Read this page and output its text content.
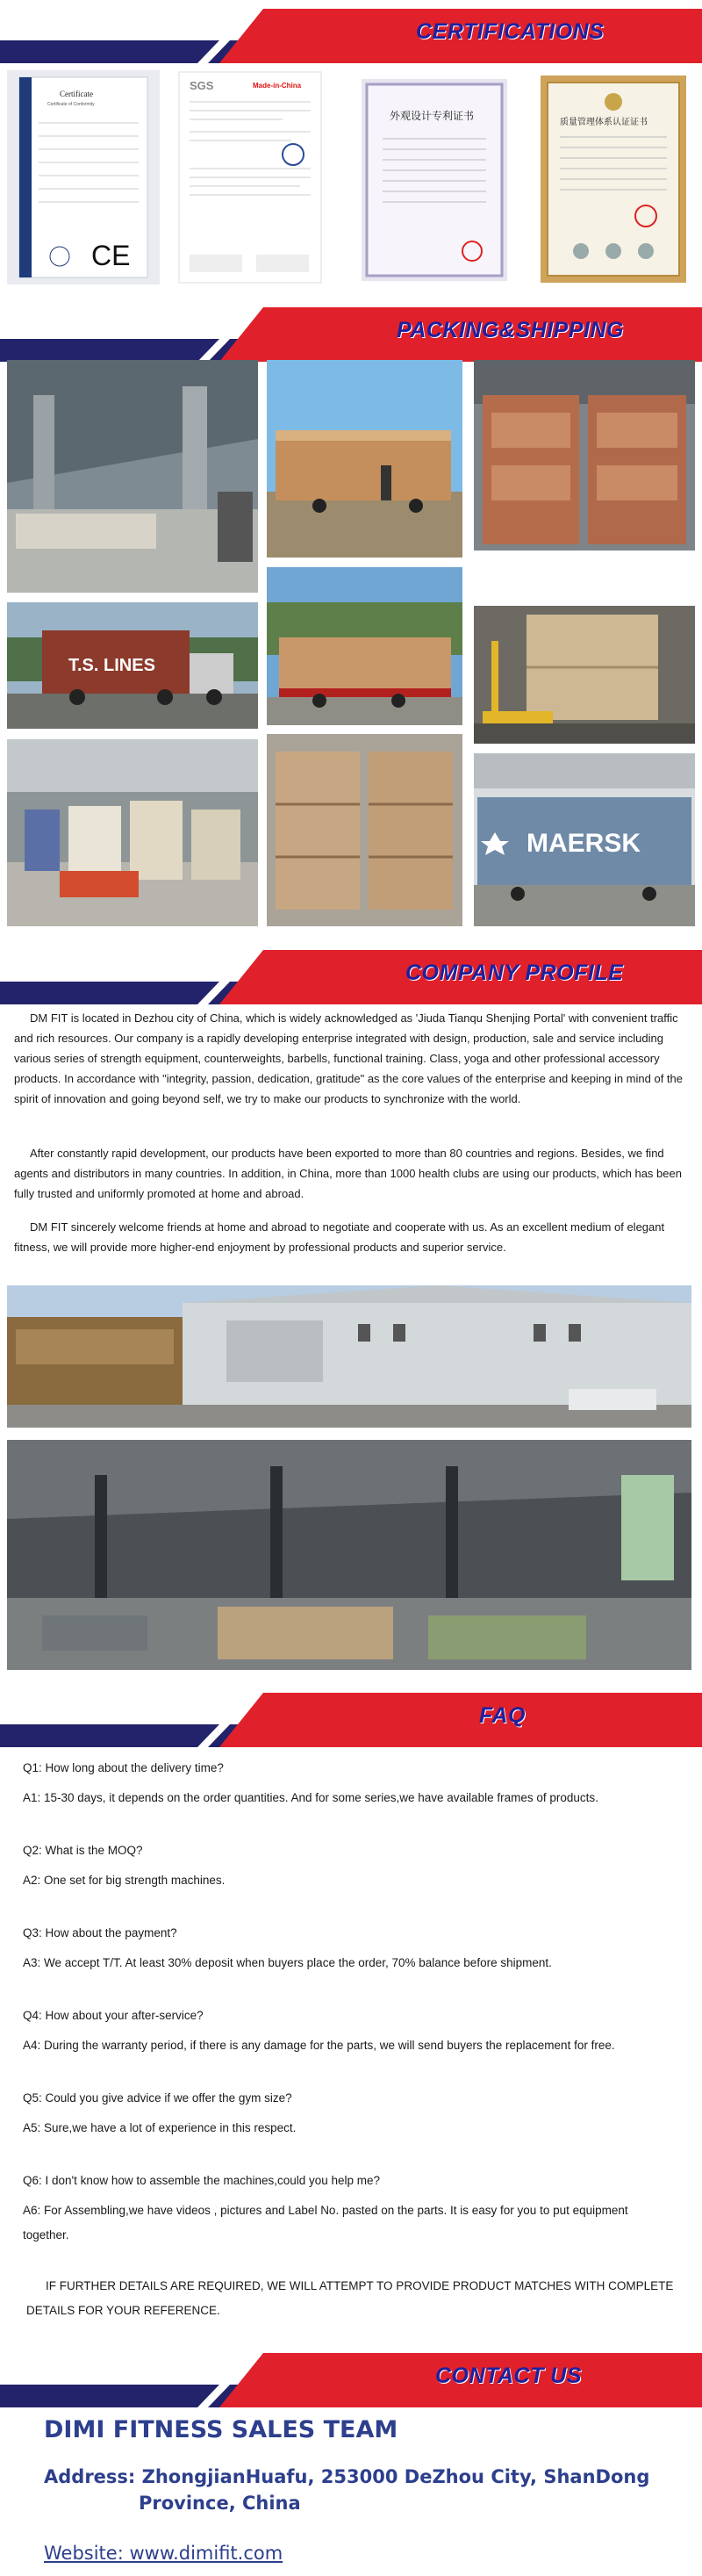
CERTIFICATIONS
Certificate
Certificate of Conformity
CE
SGS	Made-in-China
外观设计专利证书
质量管理体系认证证书
PACKING&SHIPPING
T.S. LINES
MAERSK
COMPANY PROFILE
DM FIT is located in Dezhou city of China, which is widely acknowledged as 'Jiuda Tianqu Shenjing Portal' with convenient traffic and rich resources. Our company is a rapidly developing enterprise integrated with design, production, sale and service including various series of strength equipment, counterweights, barbells, functional training. Class, yoga and other professional accessory products. In accordance with "integrity, passion, dedication, gratitude" as the core values of the enterprise and keeping in mind of the spirit of innovation and going beyond self, we try to make our products to synchronize with the world.
After constantly rapid development, our products have been exported to more than 80 countries and regions. Besides, we find agents and distributors in many countries. In addition, in China, more than 1000 health clubs are using our products, which has been fully trusted and uniformly promoted at home and abroad.
DM FIT sincerely welcome friends at home and abroad to negotiate and cooperate with us. As an excellent medium of elegant fitness, we will provide more higher-end enjoyment by professional products and superior service.
FAQ
Q1: How long about the delivery time?
A1: 15-30 days, it depends on the order quantities. And for some series,we have available frames of products.
Q2: What is the MOQ?
A2: One set for big strength machines.
Q3: How about the payment?
A3: We accept T/T. At least 30% deposit when buyers place the order, 70% balance before shipment.
Q4: How about your after-service?
A4: During the warranty period, if there is any damage for the parts, we will send buyers the replacement for free.
Q5: Could you give advice if we offer the gym size?
A5: Sure,we have a lot of experience in this respect.
Q6: I don't know how to assemble the machines,could you help me?
A6: For Assembling,we have videos , pictures and Label No. pasted on the parts. It is easy for you to put equipment together.
IF FURTHER DETAILS ARE REQUIRED, WE WILL ATTEMPT TO PROVIDE PRODUCT MATCHES WITH COMPLETE DETAILS FOR YOUR REFERENCE.
CONTACT US
DIMI FITNESS SALES TEAM
Address: ZhongjianHuafu, 253000 DeZhou City, ShanDong
Province, China
Website: www.dimifit.com
